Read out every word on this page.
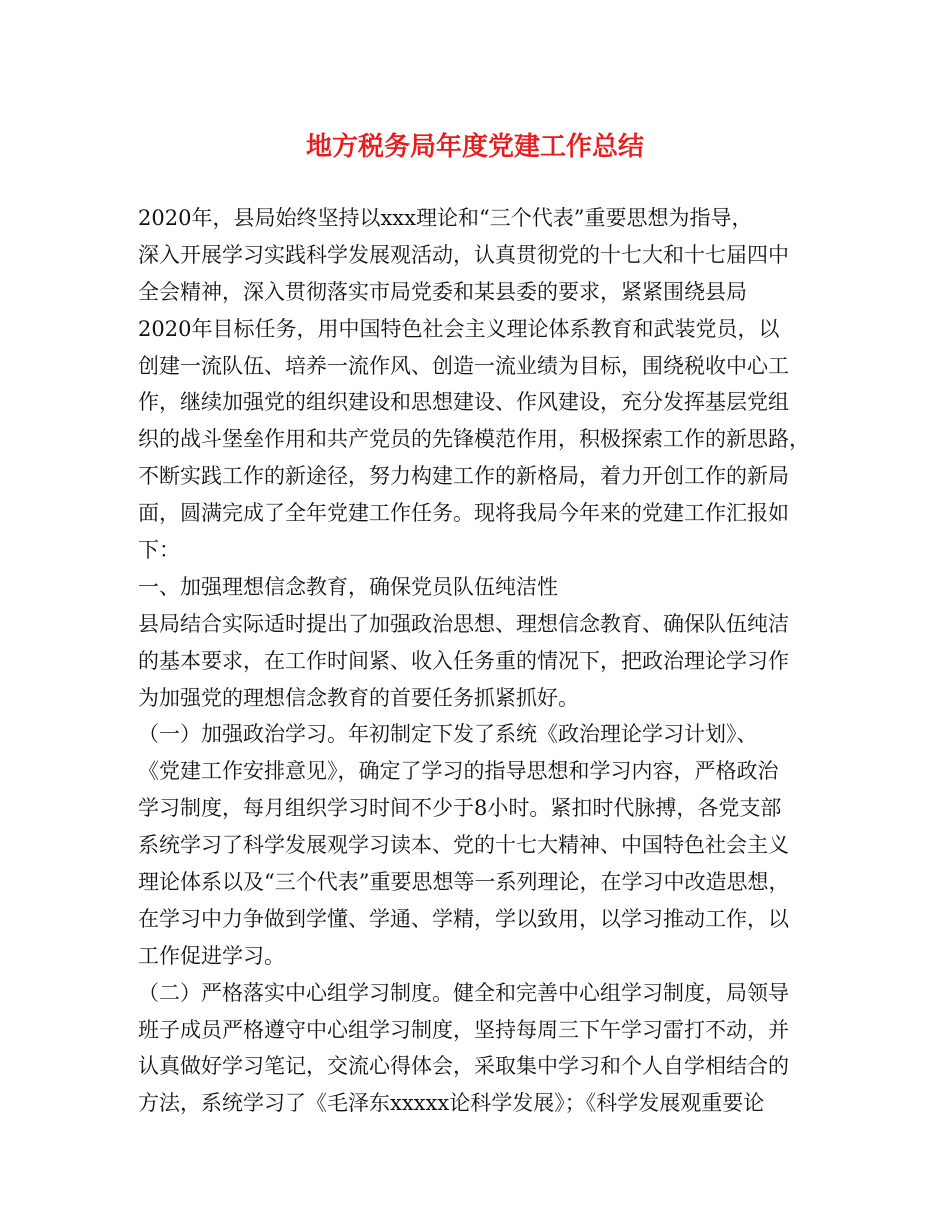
地方税务局年度党建工作总结
2020年，县局始终坚持以xxx理论和“三个代表”重要思想为指导，
深入开展学习实践科学发展观活动，认真贯彻党的十七大和十七届四中
全会精神，深入贯彻落实市局党委和某县委的要求，紧紧围绕县局
2020年目标任务，用中国特色社会主义理论体系教育和武装党员，以
创建一流队伍、培养一流作风、创造一流业绩为目标，围绕税收中心工
作，继续加强党的组织建设和思想建设、作风建设，充分发挥基层党组
织的战斗堡垒作用和共产党员的先锋模范作用，积极探索工作的新思路，
不断实践工作的新途径，努力构建工作的新格局，着力开创工作的新局
面，圆满完成了全年党建工作任务。现将我局今年来的党建工作汇报如
下：
一、加强理想信念教育，确保党员队伍纯洁性
县局结合实际适时提出了加强政治思想、理想信念教育、确保队伍纯洁
的基本要求，在工作时间紧、收入任务重的情况下，把政治理论学习作
为加强党的理想信念教育的首要任务抓紧抓好。
（一）加强政治学习。年初制定下发了系统《政治理论学习计划》、
《党建工作安排意见》，确定了学习的指导思想和学习内容，严格政治
学习制度，每月组织学习时间不少于8小时。紧扣时代脉搏，各党支部
系统学习了科学发展观学习读本、党的十七大精神、中国特色社会主义
理论体系以及“三个代表”重要思想等一系列理论，在学习中改造思想，
在学习中力争做到学懂、学通、学精，学以致用，以学习推动工作，以
工作促进学习。
（二）严格落实中心组学习制度。健全和完善中心组学习制度，局领导
班子成员严格遵守中心组学习制度，坚持每周三下午学习雷打不动，并
认真做好学习笔记，交流心得体会，采取集中学习和个人自学相结合的
方法，系统学习了《毛泽东xxxxx论科学发展》；《科学发展观重要论
